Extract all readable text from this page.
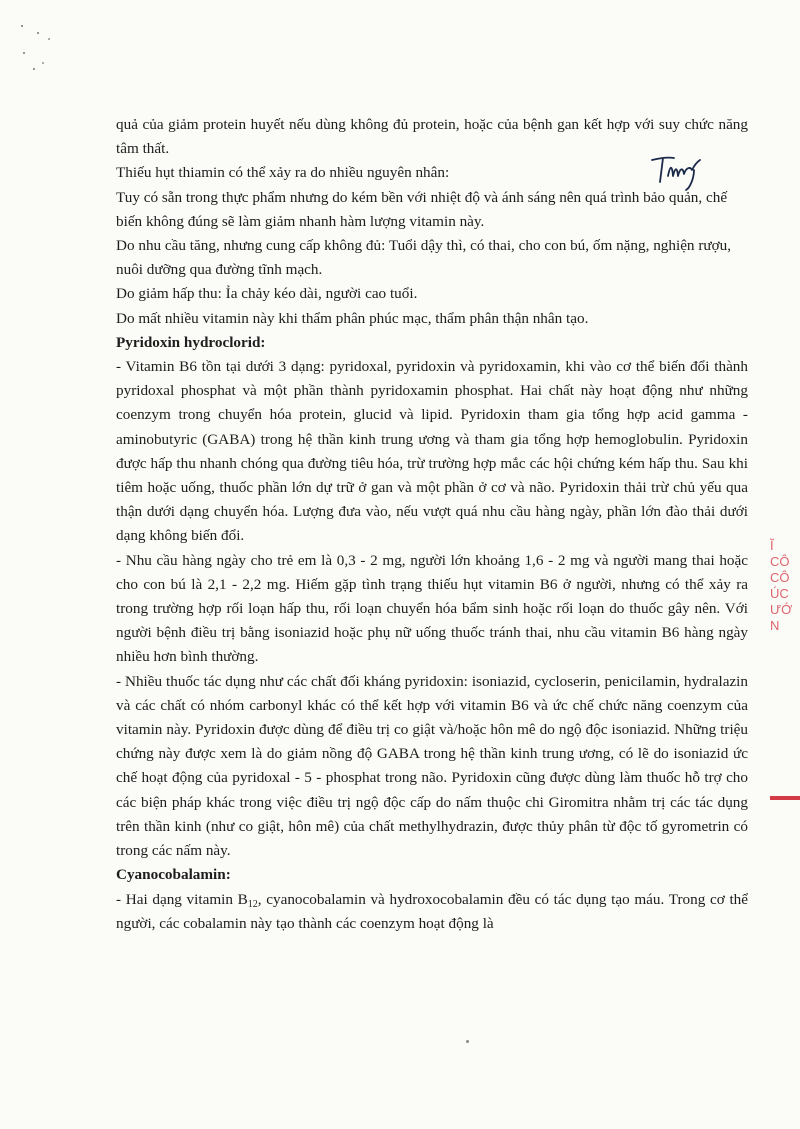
quả của giảm protein huyết nếu dùng không đủ protein, hoặc của bệnh gan kết hợp với suy chức năng tâm thất.

Thiếu hụt thiamin có thể xảy ra do nhiều nguyên nhân:

Tuy có sẵn trong thực phẩm nhưng do kém bền với nhiệt độ và ánh sáng nên quá trình bảo quản, chế biến không đúng sẽ làm giảm nhanh hàm lượng vitamin này.

Do nhu cầu tăng, nhưng cung cấp không đủ: Tuổi dậy thì, có thai, cho con bú, ốm nặng, nghiện rượu, nuôi dưỡng qua đường tĩnh mạch.

Do giảm hấp thu: Ỉa chảy kéo dài, người cao tuổi.

Do mất nhiều vitamin này khi thẩm phân phúc mạc, thẩm phân thận nhân tạo.

Pyridoxin hydroclorid:

- Vitamin B6 tồn tại dưới 3 dạng: pyridoxal, pyridoxin và pyridoxamin, khi vào cơ thể biến đổi thành pyridoxal phosphat và một phần thành pyridoxamin phosphat. Hai chất này hoạt động như những coenzym trong chuyển hóa protein, glucid và lipid. Pyridoxin tham gia tổng hợp acid gamma - aminobutyric (GABA) trong hệ thần kinh trung ương và tham gia tổng hợp hemoglobulin. Pyridoxin được hấp thu nhanh chóng qua đường tiêu hóa, trừ trường hợp mắc các hội chứng kém hấp thu. Sau khi tiêm hoặc uống, thuốc phần lớn dự trữ ở gan và một phần ở cơ và não. Pyridoxin thải trừ chủ yếu qua thận dưới dạng chuyển hóa. Lượng đưa vào, nếu vượt quá nhu cầu hàng ngày, phần lớn đào thải dưới dạng không biến đổi.

- Nhu cầu hàng ngày cho trẻ em là 0,3 - 2 mg, người lớn khoảng 1,6 - 2 mg và người mang thai hoặc cho con bú là 2,1 - 2,2 mg. Hiếm gặp tình trạng thiếu hụt vitamin B6 ở người, nhưng có thể xảy ra trong trường hợp rối loạn hấp thu, rối loạn chuyển hóa bẩm sinh hoặc rối loạn do thuốc gây nên. Với người bệnh điều trị bằng isoniazid hoặc phụ nữ uống thuốc tránh thai, nhu cầu vitamin B6 hàng ngày nhiều hơn bình thường.

- Nhiều thuốc tác dụng như các chất đối kháng pyridoxin: isoniazid, cycloserin, penicilamin, hydralazin và các chất có nhóm carbonyl khác có thể kết hợp với vitamin B6 và ức chế chức năng coenzym của vitamin này. Pyridoxin được dùng để điều trị co giật và/hoặc hôn mê do ngộ độc isoniazid. Những triệu chứng này được xem là do giảm nồng độ GABA trong hệ thần kinh trung ương, có lẽ do isoniazid ức chế hoạt động của pyridoxal - 5 - phosphat trong não. Pyridoxin cũng được dùng làm thuốc hỗ trợ cho các biện pháp khác trong việc điều trị ngộ độc cấp do nấm thuộc chi Giromitra nhằm trị các tác dụng trên thần kinh (như co giật, hôn mê) của chất methylhydrazin, được thủy phân từ độc tố gyrometrin có trong các nấm này.

Cyanocobalamin:

- Hai dạng vitamin $B_{12}$, cyanocobalamin và hydroxocobalamin đều có tác dụng tạo máu. Trong cơ thể người, các cobalamin này tạo thành các coenzym hoạt động là

Ĩ
CÔ
CÔ
ÚC
ƯỚ
N
